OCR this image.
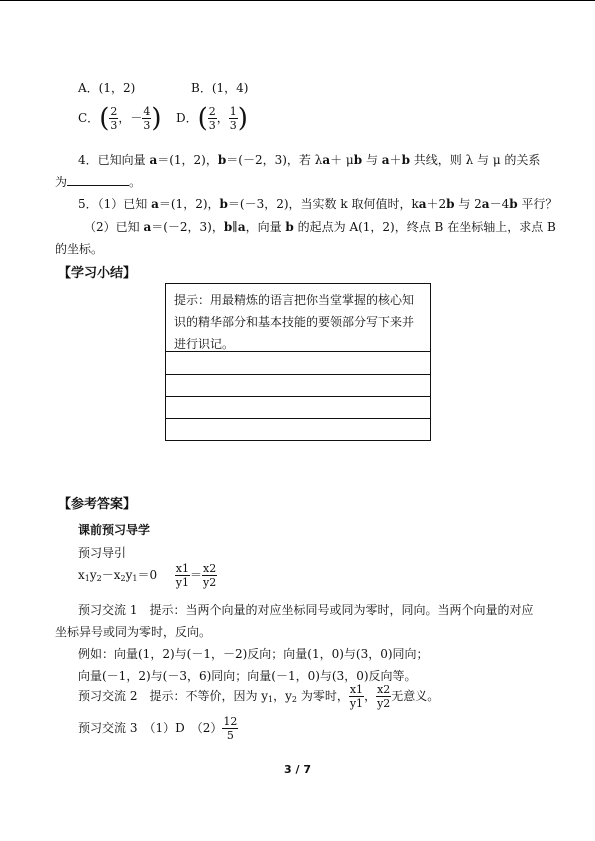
A．(1，2)	B．(1，4)
C．( $\frac{2}{3}$ ，－ $\frac{4}{3}$ ) D．( $\frac{2}{3}$ ， $\frac{1}{3}$ )
4．已知向量 a＝(1，2)，b＝(－2，3)，若 λa＋ μb 与 a＋b 共线，则 λ 与 μ 的关系
为	。
5．（1）已知 a＝(1，2)，b＝(－3，2)，当实数 k 取何值时，ka＋2b 与 2a－4b 平行？
（2）已知 a＝(－2，3)，b∥a，向量 b 的起点为 A(1，2)，终点 B 在坐标轴上，求点 B
的坐标。
【学习小结】
提示：用最精炼的语言把你当堂掌握的核心知识的精华部分和基本技能的要领部分写下来并进行识记。
【参考答案】
课前预习导学
预习导引
$x_1y_2-x_2y_1=0 \frac{x1}{y1} = \frac{x2}{y2}$
预习交流 1　提示：当两个向量的对应坐标同号或同为零时，同向。当两个向量的对应
坐标异号或同为零时，反向。
例如：向量(1，2)与(－1，－2)反向；向量(1，0)与(3，0)同向；
向量(－1，2)与(－3，6)同向；向量(－1，0)与(3，0)反向等。
预习交流 2　提示：不等价，因为 $y_1$，$y_2$ 为零时， $\frac{x1}{y1}$ ， $\frac{x2}{y2}$ 无意义。
预习交流 3　（1）D　$(2) \frac{12}{5}$
3 / 7
